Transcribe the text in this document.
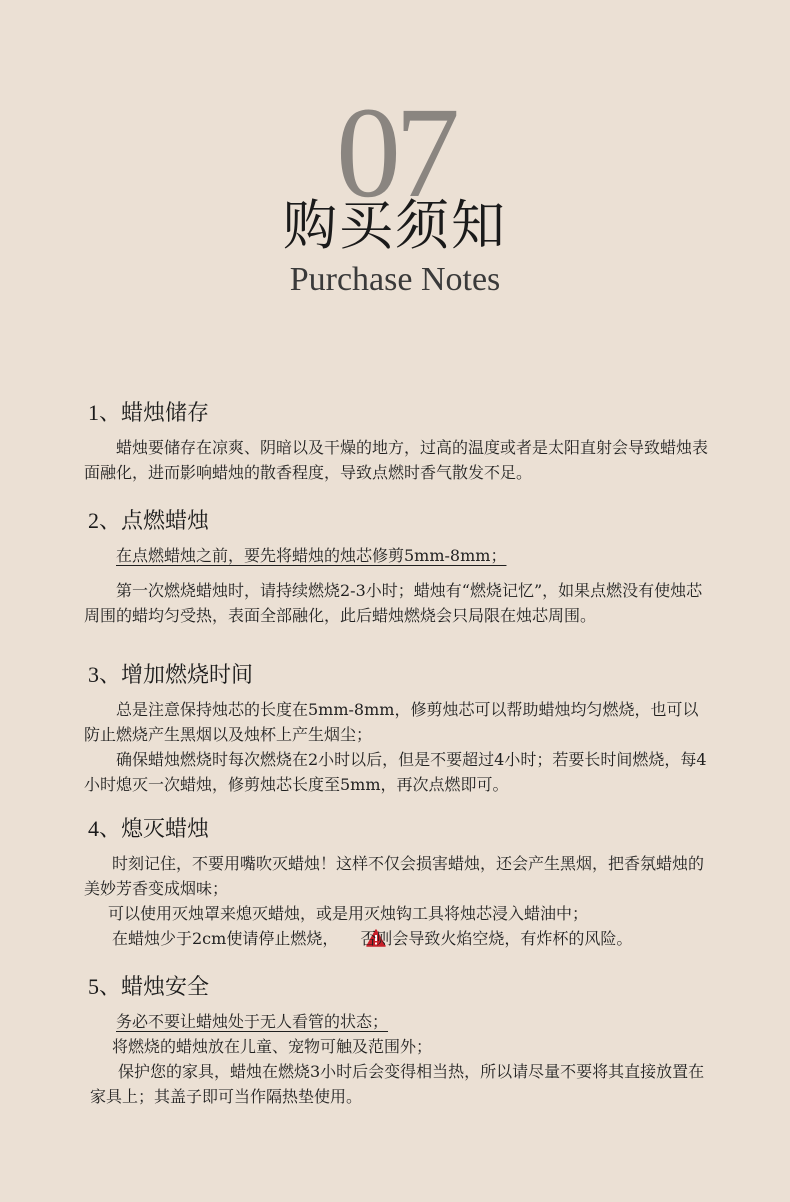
07
购买须知
Purchase Notes
1、蜡烛储存

蜡烛要储存在凉爽、阴暗以及干燥的地方，过高的温度或者是太阳直射会导致蜡烛表面融化，进而影响蜡烛的散香程度，导致点燃时香气散发不足。

2、点燃蜡烛

在点燃蜡烛之前，要先将蜡烛的烛芯修剪5mm-8mm；

第一次燃烧蜡烛时，请持续燃烧2-3小时；蜡烛有“燃烧记忆”，如果点燃没有使烛芯周围的蜡均匀受热，表面全部融化，此后蜡烛燃烧会只局限在烛芯周围。

3、增加燃烧时间

总是注意保持烛芯的长度在5mm-8mm，修剪烛芯可以帮助蜡烛均匀燃烧，也可以防止燃烧产生黑烟以及烛杯上产生烟尘；

确保蜡烛燃烧时每次燃烧在2小时以后，但是不要超过4小时；若要长时间燃烧，每4小时熄灭一次蜡烛，修剪烛芯长度至5mm，再次点燃即可。

4、熄灭蜡烛

时刻记住，不要用嘴吹灭蜡烛！这样不仅会损害蜡烛，还会产生黑烟，把香氛蜡烛的美妙芳香变成烟味；

可以使用灭烛罩来熄灭蜡烛，或是用灭烛钩工具将烛芯浸入蜡油中；

在蜡烛少于2cm使请停止燃烧， 否则会导致火焰空烧，有炸杯的风险。

5、蜡烛安全

务必不要让蜡烛处于无人看管的状态；

将燃烧的蜡烛放在儿童、宠物可触及范围外；

保护您的家具，蜡烛在燃烧3小时后会变得相当热，所以请尽量不要将其直接放置在家具上；其盖子即可当作隔热垫使用。
